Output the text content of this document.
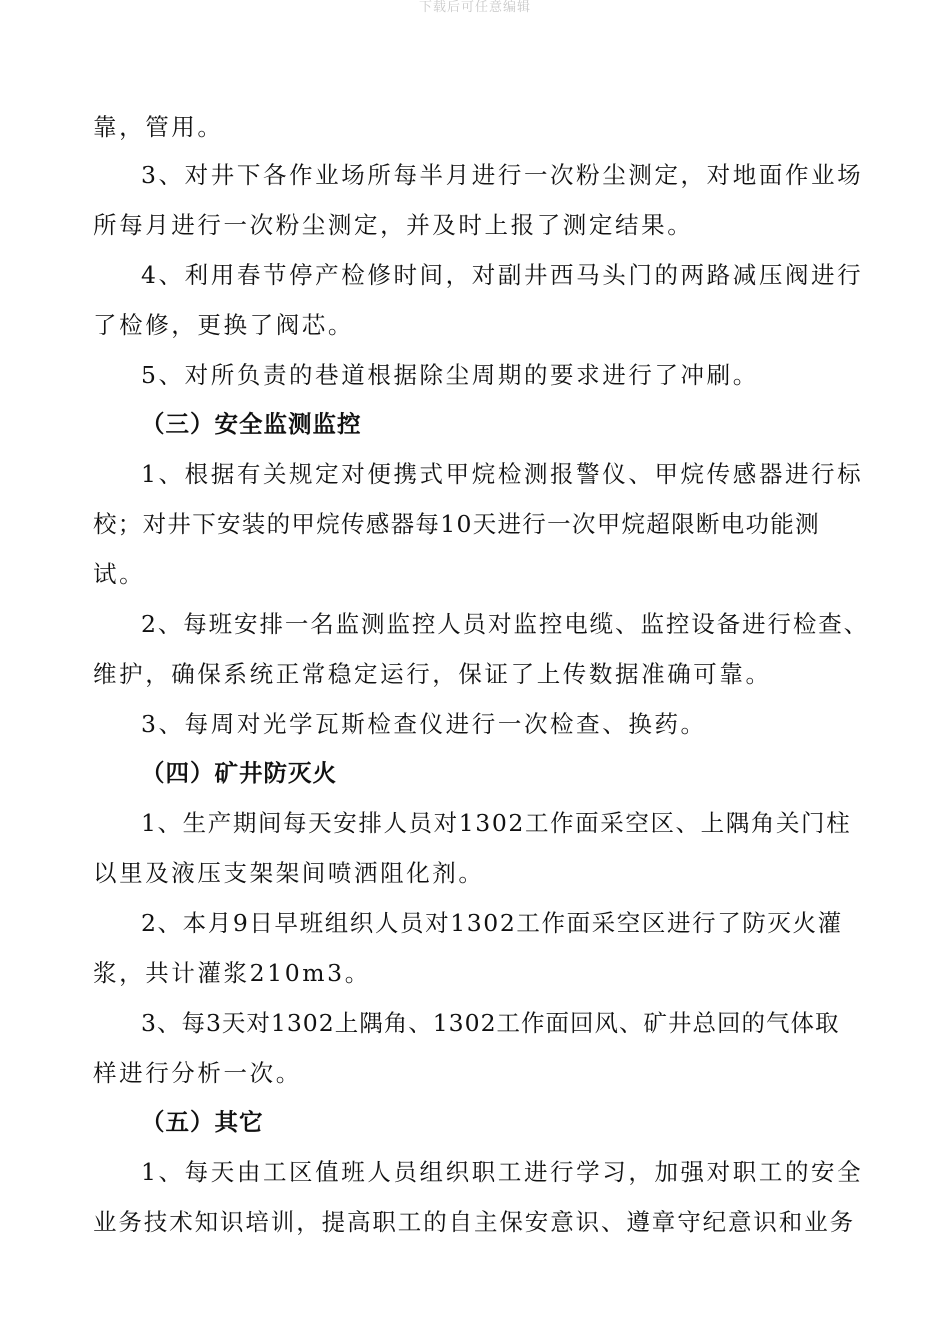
下载后可任意编辑
靠，管用。
3、对井下各作业场所每半月进行一次粉尘测定，对地面作业场
所每月进行一次粉尘测定，并及时上报了测定结果。
4、利用春节停产检修时间，对副井西马头门的两路减压阀进行
了检修，更换了阀芯。
5、对所负责的巷道根据除尘周期的要求进行了冲刷。
（三）安全监测监控
1、根据有关规定对便携式甲烷检测报警仪、甲烷传感器进行标
校；对井下安装的甲烷传感器每10天进行一次甲烷超限断电功能测
试。
2、每班安排一名监测监控人员对监控电缆、监控设备进行检查、
维护，确保系统正常稳定运行，保证了上传数据准确可靠。
3、每周对光学瓦斯检查仪进行一次检查、换药。
（四）矿井防灭火
1、生产期间每天安排人员对1302工作面采空区、上隅角关门柱
以里及液压支架架间喷洒阻化剂。
2、本月9日早班组织人员对1302工作面采空区进行了防灭火灌
浆，共计灌浆210m3。
3、每3天对1302上隅角、1302工作面回风、矿井总回的气体取
样进行分析一次。
（五）其它
1、每天由工区值班人员组织职工进行学习，加强对职工的安全
业务技术知识培训，提高职工的自主保安意识、遵章守纪意识和业务
